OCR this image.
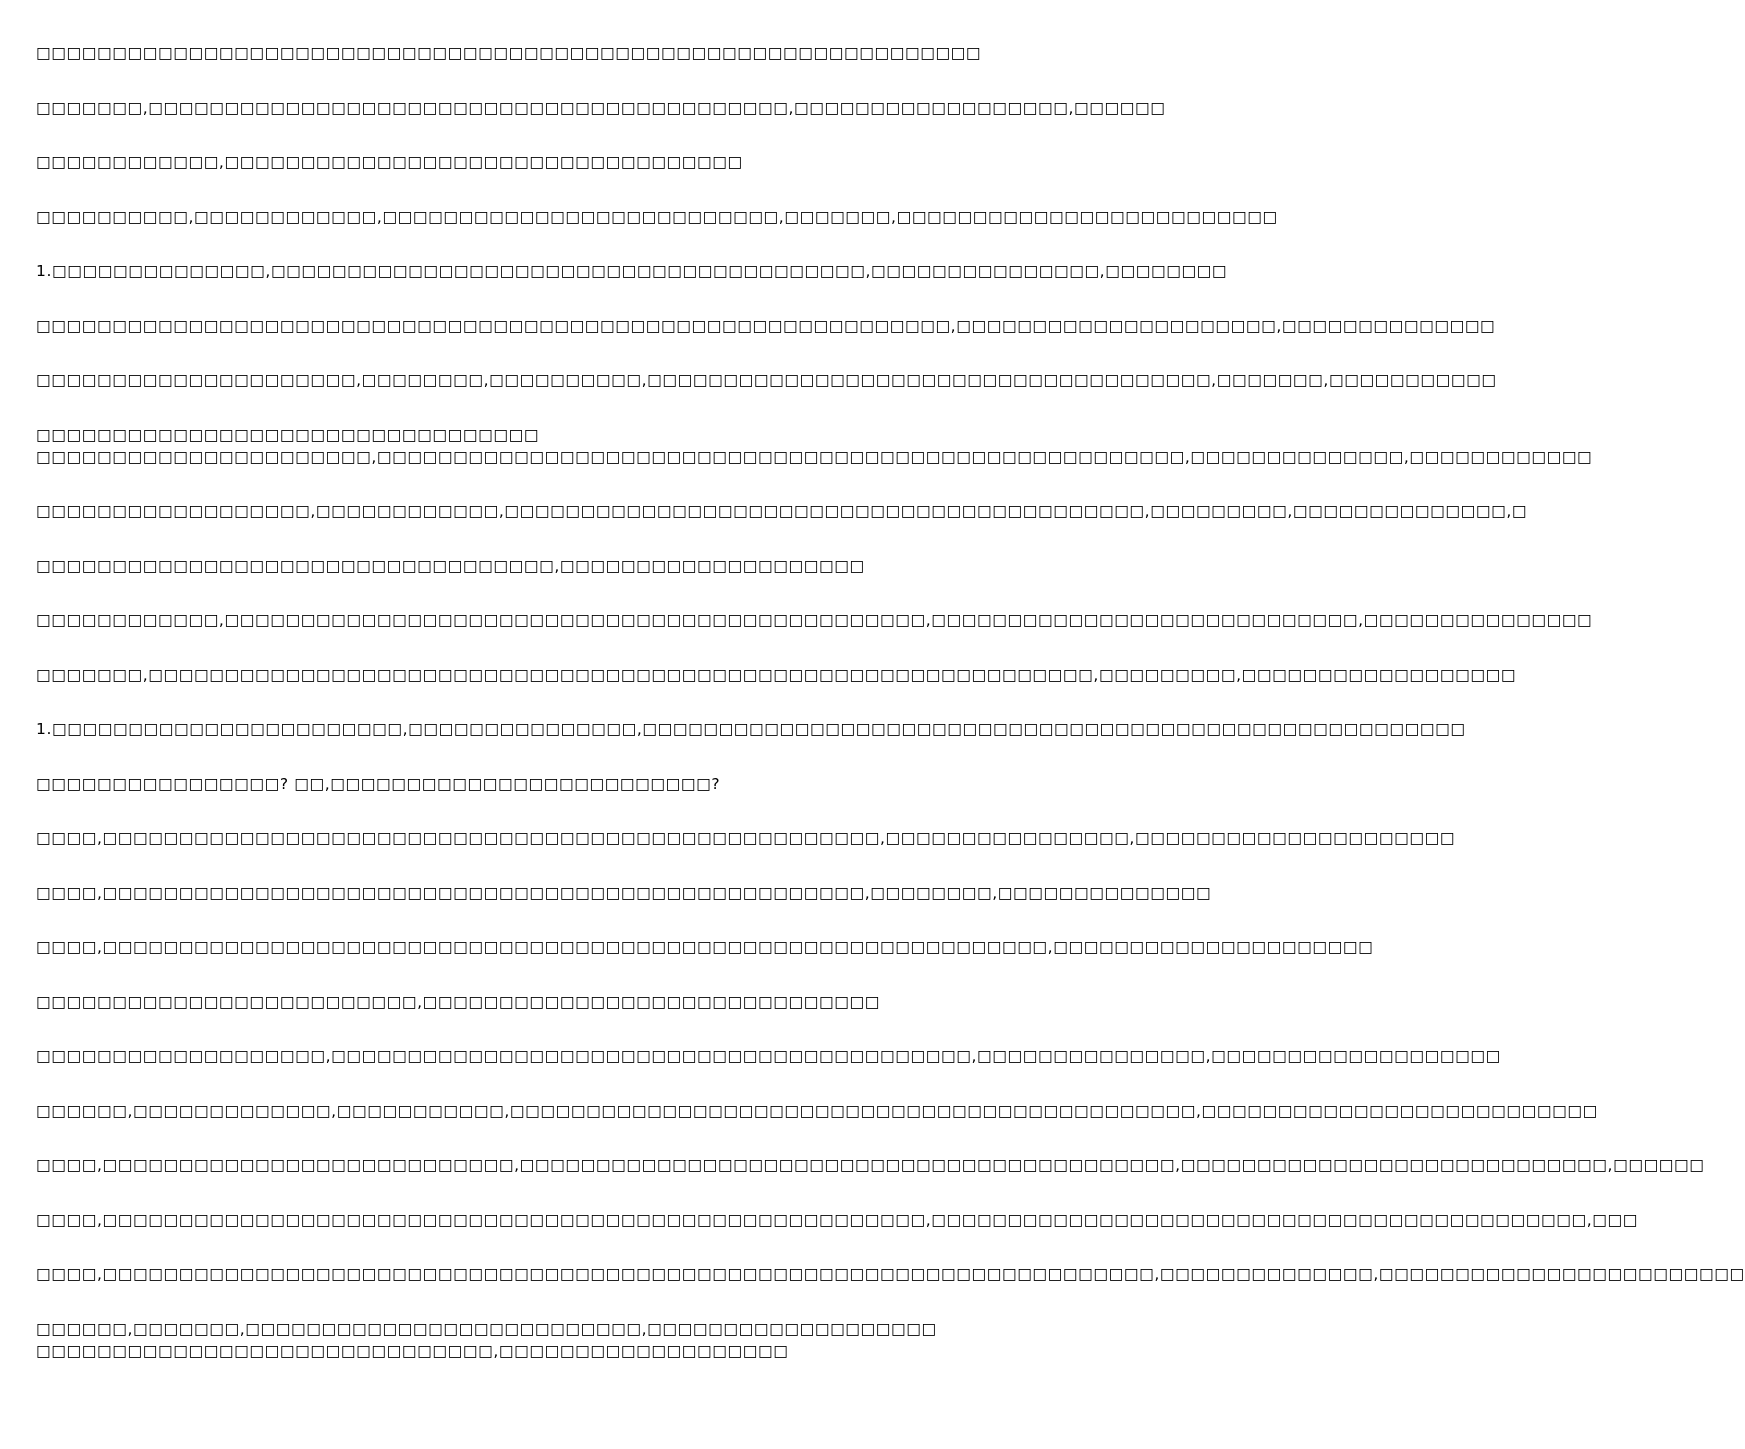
□□□□□□□□□□□□□□□□□□□□□□□□□□□□□□□□□□□□□□□□□□□□□□□□□□□□□□□□□□□□□□
□□□□□□□,□□□□□□□□□□□□□□□□□□□□□□□□□□□□□□□□□□□□□□□□□□,□□□□□□□□□□□□□□□□□□,□□□□□□
□□□□□□□□□□□□,□□□□□□□□□□□□□□□□□□□□□□□□□□□□□□□□□□
□□□□□□□□□□,□□□□□□□□□□□□,□□□□□□□□□□□□□□□□□□□□□□□□□□,□□□□□□□,□□□□□□□□□□□□□□□□□□□□□□□□□
1.□□□□□□□□□□□□□□,□□□□□□□□□□□□□□□□□□□□□□□□□□□□□□□□□□□□□□□,□□□□□□□□□□□□□□□,□□□□□□□□
□□□□□□□□□□□□□□□□□□□□□□□□□□□□□□□□□□□□□□□□□□□□□□□□□□□□□□□□□□□□,□□□□□□□□□□□□□□□□□□□□□,□□□□□□□□□□□□□□
□□□□□□□□□□□□□□□□□□□□□,□□□□□□□□,□□□□□□□□□□,□□□□□□□□□□□□□□□□□□□□□□□□□□□□□□□□□□□□□,□□□□□□□,□□□□□□□□□□□
□□□□□□□□□□□□□□□□□□□□□□□□□□□□□□□□□
□□□□□□□□□□□□□□□□□□□□□□,□□□□□□□□□□□□□□□□□□□□□□□□□□□□□□□□□□□□□□□□□□□□□□□□□□□□□,□□□□□□□□□□□□□□,□□□□□□□□□□□□
□□□□□□□□□□□□□□□□□□,□□□□□□□□□□□□,□□□□□□□□□□□□□□□□□□□□□□□□□□□□□□□□□□□□□□□□□□,□□□□□□□□□,□□□□□□□□□□□□□□,□
□□□□□□□□□□□□□□□□□□□□□□□□□□□□□□□□□□,□□□□□□□□□□□□□□□□□□□□
□□□□□□□□□□□□,□□□□□□□□□□□□□□□□□□□□□□□□□□□□□□□□□□□□□□□□□□□□□□,□□□□□□□□□□□□□□□□□□□□□□□□□□□□,□□□□□□□□□□□□□□□
□□□□□□□,□□□□□□□□□□□□□□□□□□□□□□□□□□□□□□□□□□□□□□□□□□□□□□□□□□□□□□□□□□□□□□,□□□□□□□□□,□□□□□□□□□□□□□□□□□□
1.□□□□□□□□□□□□□□□□□□□□□□□,□□□□□□□□□□□□□□□,□□□□□□□□□□□□□□□□□□□□□□□□□□□□□□□□□□□□□□□□□□□□□□□□□□□□□□
□□□□□□□□□□□□□□□□? □□,□□□□□□□□□□□□□□□□□□□□□□□□□?
□□□□,□□□□□□□□□□□□□□□□□□□□□□□□□□□□□□□□□□□□□□□□□□□□□□□□□□□,□□□□□□□□□□□□□□□□,□□□□□□□□□□□□□□□□□□□□□
□□□□,□□□□□□□□□□□□□□□□□□□□□□□□□□□□□□□□□□□□□□□□□□□□□□□□□□,□□□□□□□□,□□□□□□□□□□□□□□
□□□□,□□□□□□□□□□□□□□□□□□□□□□□□□□□□□□□□□□□□□□□□□□□□□□□□□□□□□□□□□□□□□□,□□□□□□□□□□□□□□□□□□□□□
□□□□□□□□□□□□□□□□□□□□□□□□□,□□□□□□□□□□□□□□□□□□□□□□□□□□□□□□
□□□□□□□□□□□□□□□□□□□,□□□□□□□□□□□□□□□□□□□□□□□□□□□□□□□□□□□□□□□□□□,□□□□□□□□□□□□□□□,□□□□□□□□□□□□□□□□□□□
□□□□□□,□□□□□□□□□□□□□,□□□□□□□□□□□,□□□□□□□□□□□□□□□□□□□□□□□□□□□□□□□□□□□□□□□□□□□□□,□□□□□□□□□□□□□□□□□□□□□□□□□□
□□□□,□□□□□□□□□□□□□□□□□□□□□□□□□□□,□□□□□□□□□□□□□□□□□□□□□□□□□□□□□□□□□□□□□□□□□□□,□□□□□□□□□□□□□□□□□□□□□□□□□□□□,□□□□□□
□□□□,□□□□□□□□□□□□□□□□□□□□□□□□□□□□□□□□□□□□□□□□□□□□□□□□□□□□□□,□□□□□□□□□□□□□□□□□□□□□□□□□□□□□□□□□□□□□□□□□□□,□□□
□□□□,□□□□□□□□□□□□□□□□□□□□□□□□□□□□□□□□□□□□□□□□□□□□□□□□□□□□□□□□□□□□□□□□□□□□□,□□□□□□□□□□□□□□,□□□□□□□□□□□□□□□□□□□□□□□□
□□□□□□,□□□□□□□,□□□□□□□□□□□□□□□□□□□□□□□□□□,□□□□□□□□□□□□□□□□□□□
□□□□□□□□□□□□□□□□□□□□□□□□□□□□□□,□□□□□□□□□□□□□□□□□□□
